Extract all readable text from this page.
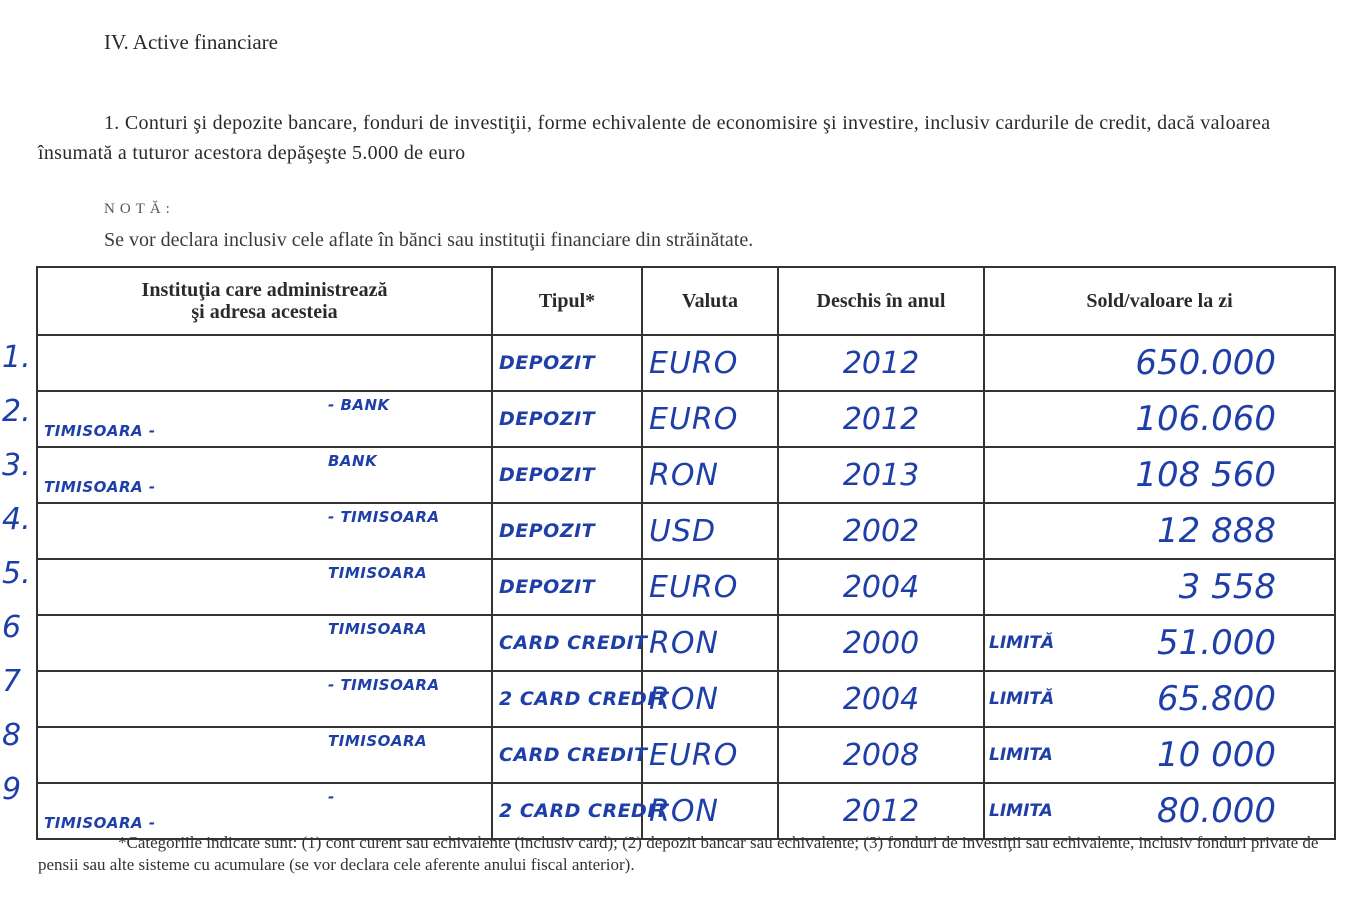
IV. Active financiare
1. Conturi şi depozite bancare, fonduri de investiţii, forme echivalente de economisire şi investire, inclusiv cardurile de credit, dacă valoarea însumată a tuturor acestora depăşeşte 5.000 de euro
NOTĂ:
Se vor declara inclusiv cele aflate în bănci sau instituţii financiare din străinătate.
Instituţia care administrează
şi adresa acesteia	Tipul*	Valuta	Deschis în anul	Sold/valoare la zi

	DEPOZIT	EURO	2012	650.000

TIMISOARA -
- BANK	DEPOZIT	EURO	2012	106.060

TIMISOARA -
BANK	DEPOZIT	RON	2013	108 560

- TIMISOARA	DEPOZIT	USD	2002	12 888

TIMISOARA	DEPOZIT	EURO	2004	3 558

TIMISOARA	CARD CREDIT	RON	2000	LIMITĂ 51.000

- TIMISOARA	2 CARD CREDIT	RON	2004	LIMITĂ 65.800

TIMISOARA	CARD CREDIT	EURO	2008	LIMITA 10 000

TIMISOARA -
-	2 CARD CREDIT	RON	2012	LIMITA 80.000
1.
2.
3.
4.
5.
6
7
8
9
*Categoriile indicate sunt: (1) cont curent sau echivalente (inclusiv card); (2) depozit bancar sau echivalente; (3) fonduri de investiţii sau echivalente, inclusiv fonduri private de pensii sau alte sisteme cu acumulare (se vor declara cele aferente anului fiscal anterior).
